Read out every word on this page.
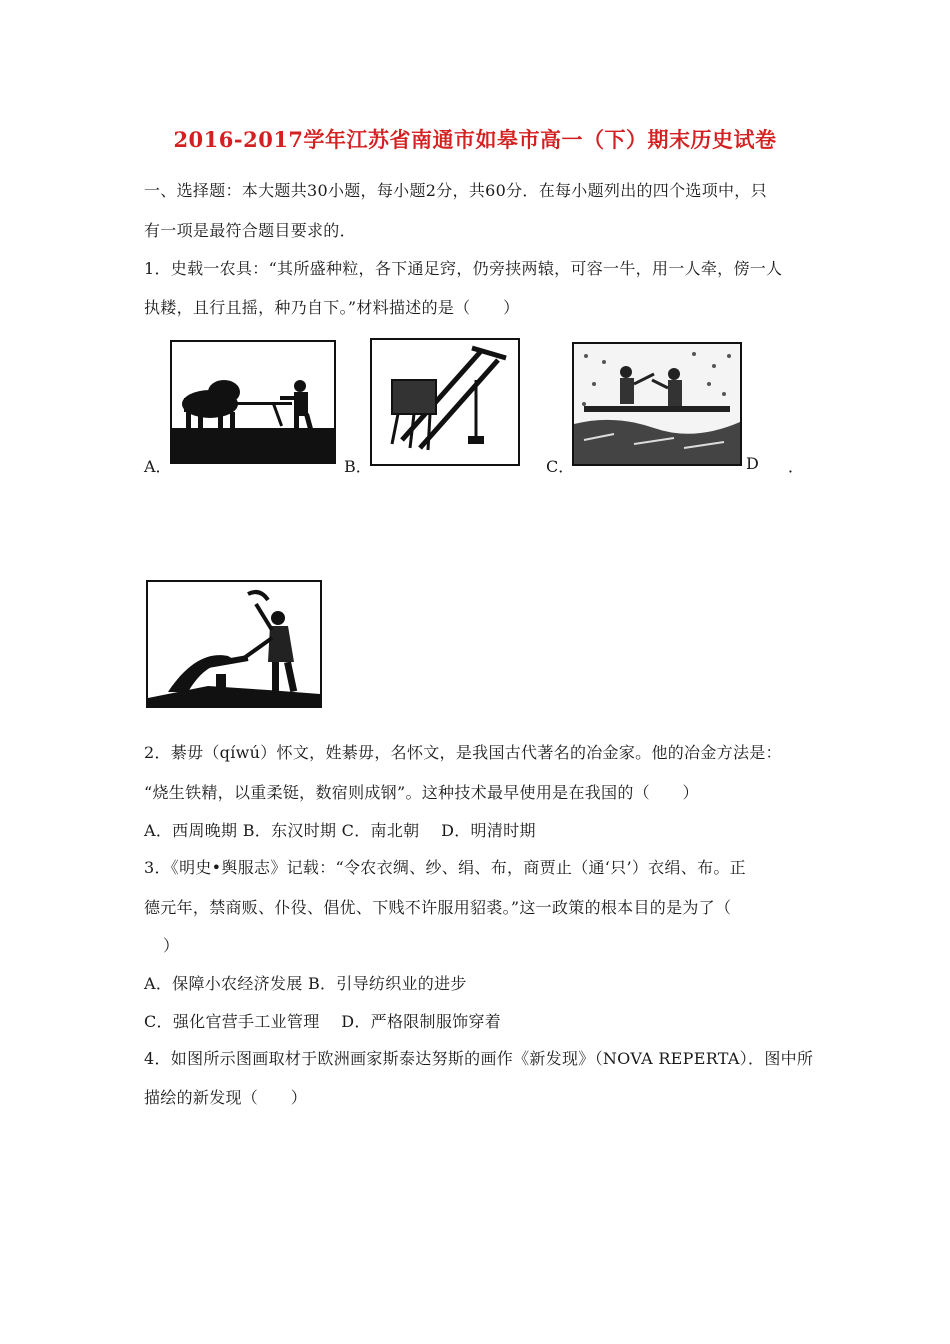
2016-2017学年江苏省南通市如皋市高一（下）期末历史试卷
一、选择题：本大题共30小题，每小题2分，共60分．在每小题列出的四个选项中，只
有一项是最符合题目要求的．
1．史载一农具：“其所盛种粒，各下通足窍，仍旁挟两辕，可容一牛，用一人牵，傍一人
执耧，且行且摇，种乃自下。”材料描述的是（　　）
A．	B．	C．	D ．
2．綦毋（qíwú）怀文，姓綦毋，名怀文，是我国古代著名的冶金家。他的冶金方法是：
“烧生铁精，以重柔铤，数宿则成钢”。这种技术最早使用是在我国的（　　）
A．西周晚期 B．东汉时期 C．南北朝　 D．明清时期
3．《明史•舆服志》记载：“令农衣绸、纱、绢、布，商贾止（通‘只’）衣绢、布。正
德元年，禁商贩、仆役、倡优、下贱不许服用貂裘。”这一政策的根本目的是为了（
）
A．保障小农经济发展 B．引导纺织业的进步
C．强化官营手工业管理　 D．严格限制服饰穿着
4．如图所示图画取材于欧洲画家斯泰达努斯的画作《新发现》（NOVA REPERTA）．图中所
描绘的新发现（　　）
